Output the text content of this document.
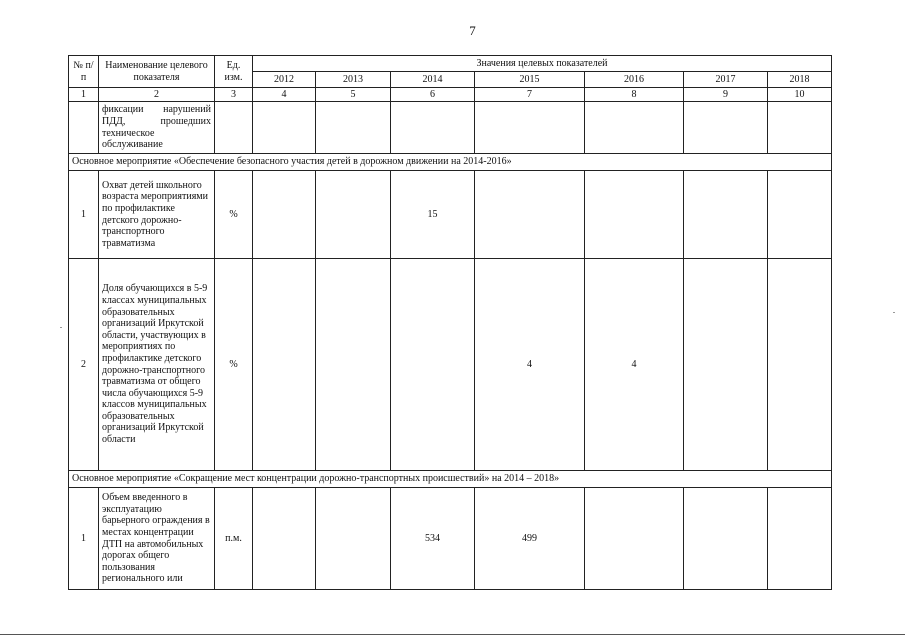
7
№ п/п	Наименование целевого показателя	Ед. изм.	Значения целевых показателей						
			2012	2013	2014	2015	2016	2017	2018
1	2	3	4	5	6	7	8	9	10
	фиксации нарушений ПДД, прошедших техническое обслуживание								
Основное мероприятие «Обеспечение безопасного участия детей в дорожном движении на 2014-2016»									
1	Охват детей школьного возраста мероприятиями по профилактике детского дорожно-транспортного травматизма	%			15				
2	Доля обучающихся в 5-9 классах муниципальных образовательных организаций Иркутской области, участвующих в мероприятиях по профилактике детского дорожно-транспортного травматизма от общего числа обучающихся 5-9 классов муниципальных образовательных организаций Иркутской области	%				4	4		
Основное мероприятие «Сокращение мест концентрации дорожно-транспортных происшествий» на 2014 – 2018»									
1	Объем введенного в эксплуатацию барьерного ограждения в местах концентрации ДТП на автомобильных дорогах общего пользования регионального или	п.м.			534	499			
